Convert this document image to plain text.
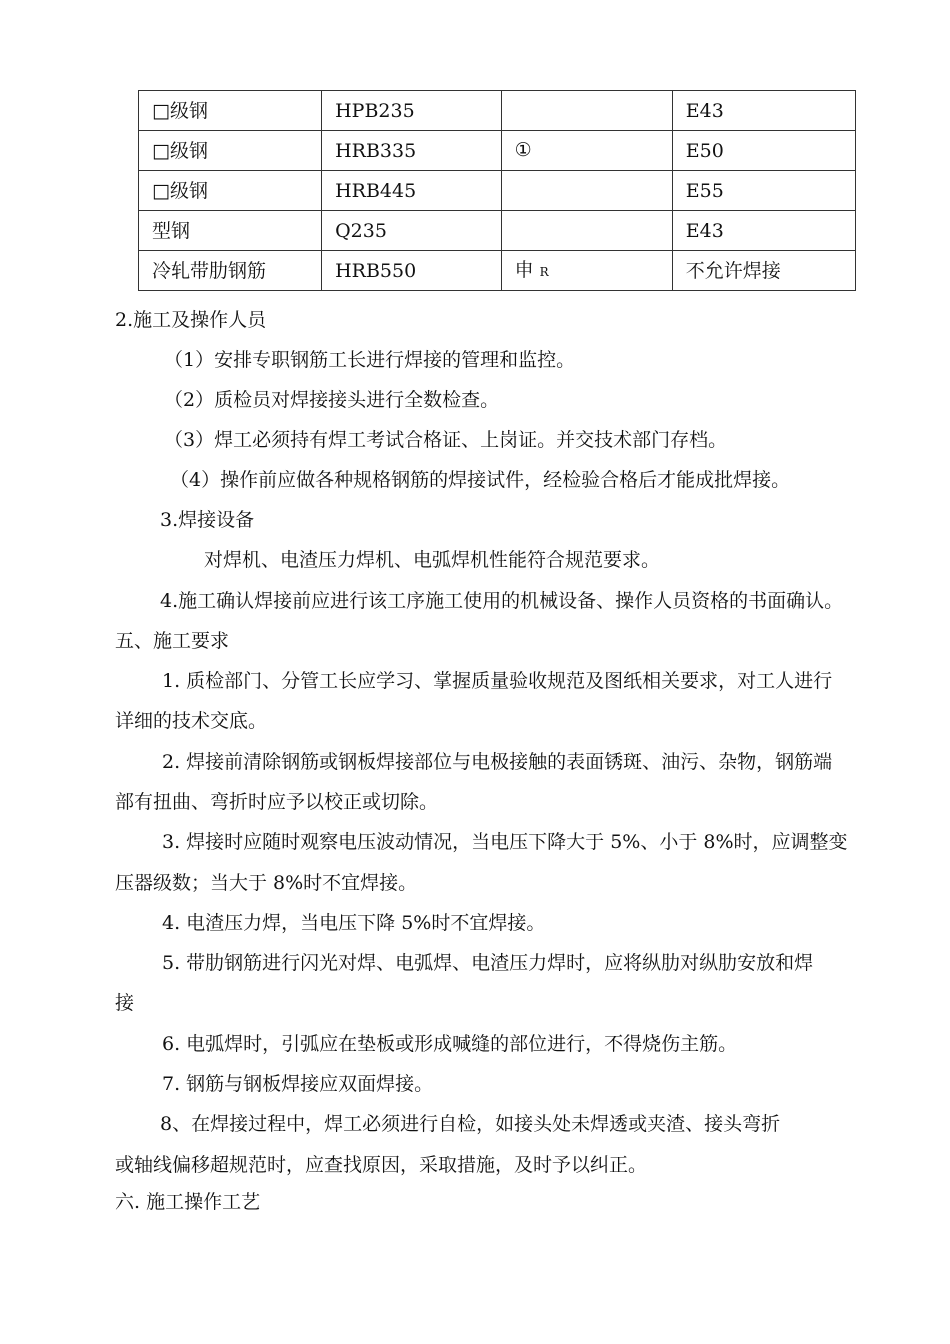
□级钢	HPB235		E43
□级钢	HRB335	①	E50
□级钢	HRB445		E55
型钢	Q235		E43
冷轧带肋钢筋	HRB550	申 R	不允许焊接
2.施工及操作人员
（1）安排专职钢筋工长进行焊接的管理和监控。
（2）质检员对焊接接头进行全数检查。
（3）焊工必须持有焊工考试合格证、上岗证。并交技术部门存档。
（4）操作前应做各种规格钢筋的焊接试件，经检验合格后才能成批焊接。
3.焊接设备
对焊机、电渣压力焊机、电弧焊机性能符合规范要求。
4.施工确认焊接前应进行该工序施工使用的机械设备、操作人员资格的书面确认。
五、施工要求
1. 质检部门、分管工长应学习、掌握质量验收规范及图纸相关要求，对工人进行
详细的技术交底。
2. 焊接前清除钢筋或钢板焊接部位与电极接触的表面锈斑、油污、杂物，钢筋端
部有扭曲、弯折时应予以校正或切除。
3. 焊接时应随时观察电压波动情况，当电压下降大于 5%、小于 8%时，应调整变
压器级数；当大于 8%时不宜焊接。
4. 电渣压力焊，当电压下降 5%时不宜焊接。
5. 带肋钢筋进行闪光对焊、电弧焊、电渣压力焊时，应将纵肋对纵肋安放和焊
接
6. 电弧焊时，引弧应在垫板或形成喊缝的部位进行，不得烧伤主筋。
7. 钢筋与钢板焊接应双面焊接。
8、在焊接过程中，焊工必须进行自检，如接头处未焊透或夹渣、接头弯折
或轴线偏移超规范时，应查找原因，采取措施，及时予以纠正。
六. 施工操作工艺
